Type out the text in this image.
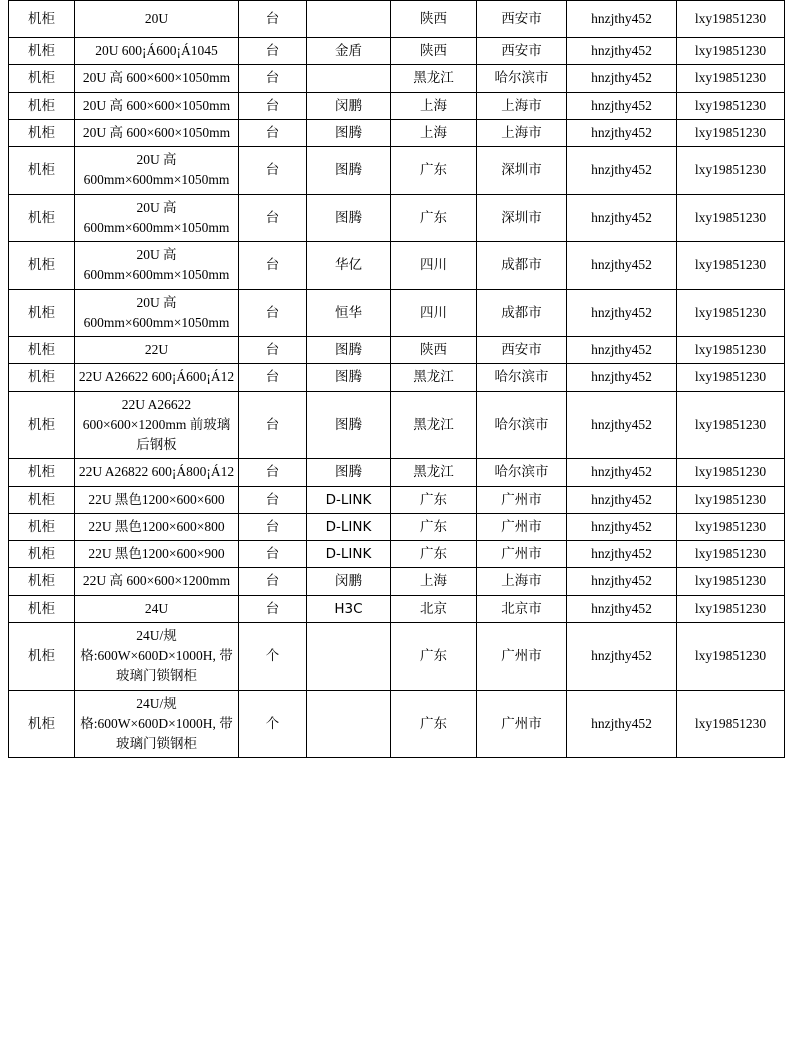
机柜	20U	台		陕西	西安市	hnzjthy452	lxy19851230
机柜	20U 600¡Á600¡Á1045	台	金盾	陕西	西安市	hnzjthy452	lxy19851230
机柜	20U 高 600×600×1050mm	台		黑龙江	哈尔滨市	hnzjthy452	lxy19851230
机柜	20U 高 600×600×1050mm	台	闵鹏	上海	上海市	hnzjthy452	lxy19851230
机柜	20U 高 600×600×1050mm	台	图腾	上海	上海市	hnzjthy452	lxy19851230
机柜	20U 高 600mm×600mm×1050mm	台	图腾	广东	深圳市	hnzjthy452	lxy19851230
机柜	20U 高 600mm×600mm×1050mm	台	图腾	广东	深圳市	hnzjthy452	lxy19851230
机柜	20U 高 600mm×600mm×1050mm	台	华亿	四川	成都市	hnzjthy452	lxy19851230
机柜	20U 高 600mm×600mm×1050mm	台	恒华	四川	成都市	hnzjthy452	lxy19851230
机柜	22U	台	图腾	陕西	西安市	hnzjthy452	lxy19851230
机柜	22U A26622 600¡Á600¡Á12	台	图腾	黑龙江	哈尔滨市	hnzjthy452	lxy19851230
机柜	22U A26622 600×600×1200mm 前玻璃后钢板	台	图腾	黑龙江	哈尔滨市	hnzjthy452	lxy19851230
机柜	22U A26822 600¡Á800¡Á12	台	图腾	黑龙江	哈尔滨市	hnzjthy452	lxy19851230
机柜	22U 黑色1200×600×600	台	D-LINK	广东	广州市	hnzjthy452	lxy19851230
机柜	22U 黑色1200×600×800	台	D-LINK	广东	广州市	hnzjthy452	lxy19851230
机柜	22U 黑色1200×600×900	台	D-LINK	广东	广州市	hnzjthy452	lxy19851230
机柜	22U 高 600×600×1200mm	台	闵鹏	上海	上海市	hnzjthy452	lxy19851230
机柜	24U	台	H3C	北京	北京市	hnzjthy452	lxy19851230
机柜	24U/规格:600W×600D×1000H, 带玻璃门锁钢柜	个		广东	广州市	hnzjthy452	lxy19851230
机柜	24U/规格:600W×600D×1000H, 带玻璃门锁钢柜	个		广东	广州市	hnzjthy452	lxy19851230
